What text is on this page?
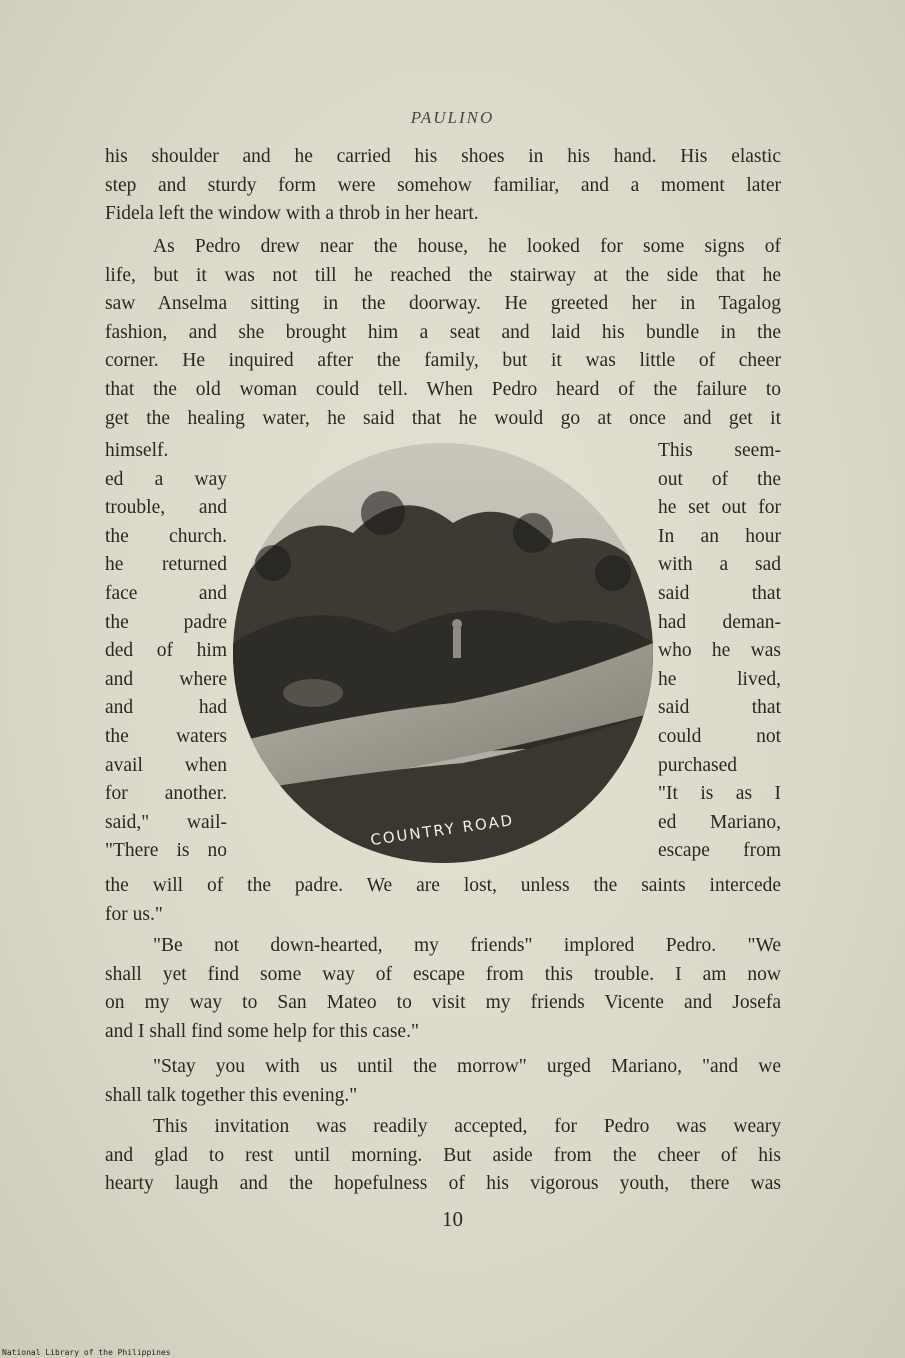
PAULINO
his shoulder and he carried his shoes in his hand. His elastic
step and sturdy form were somehow familiar, and a moment later
Fidela left the window with a throb in her heart.
As Pedro drew near the house, he looked for some signs of
life, but it was not till he reached the stairway at the side that he
saw Anselma sitting in the doorway. He greeted her in Tagalog
fashion, and she brought him a seat and laid his bundle in the
corner. He inquired after the family, but it was little of cheer
that the old woman could tell. When Pedro heard of the failure to
get the healing water, he said that he would go at once and get it
himself.
ed a way
trouble, and
the church.
he returned
face and
the padre
ded of him
and where
and had
the waters
avail when
for another.
said," wail-
"There is no
COUNTRY ROAD
This seem-
out of the
he set out for
In an hour
with a sad
said that
had deman-
who he was
he lived,
said that
could not
purchased
"It is as I
ed Mariano,
escape from
the will of the padre. We are lost, unless the saints intercede
for us."
"Be not down-hearted, my friends" implored Pedro. "We
shall yet find some way of escape from this trouble. I am now
on my way to San Mateo to visit my friends Vicente and Josefa
and I shall find some help for this case."
"Stay you with us until the morrow" urged Mariano, "and we
shall talk together this evening."
This invitation was readily accepted, for Pedro was weary
and glad to rest until morning. But aside from the cheer of his
hearty laugh and the hopefulness of his vigorous youth, there was
10
National Library of the Philippines
